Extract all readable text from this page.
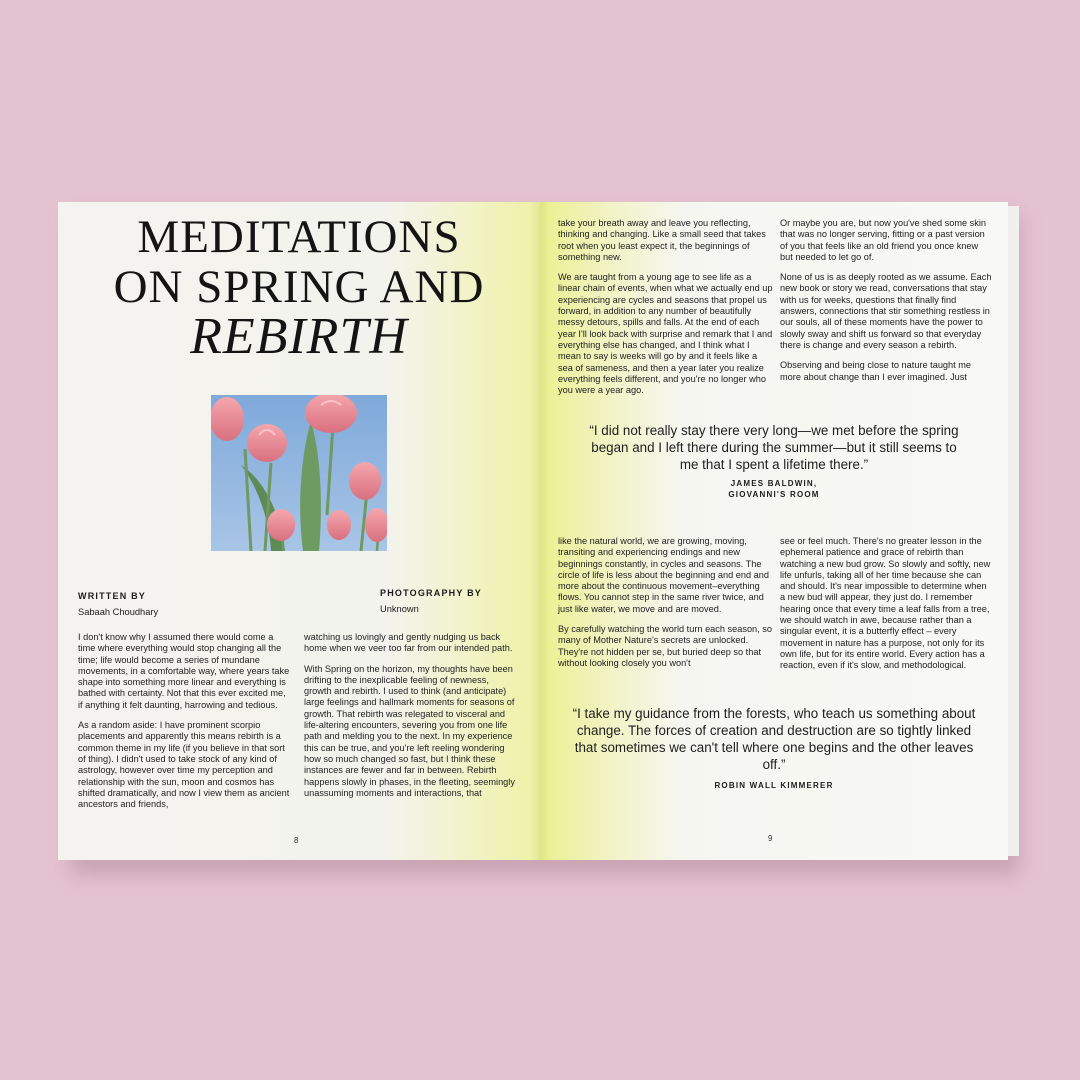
MEDITATIONS
ON SPRING AND
REBIRTH
WRITTEN BY
Sabaah Choudhary
PHOTOGRAPHY BY
Unknown

I don't know why I assumed there would come a time where everything would stop changing all the time; life would become a series of mundane movements, in a comfortable way, where years take shape into something more linear and everything is bathed with certainty. Not that this ever excited me, if anything it felt daunting, harrowing and tedious.

As a random aside: I have prominent scorpio placements and apparently this means rebirth is a common theme in my life (if you believe in that sort of thing). I didn't used to take stock of any kind of astrology, however over time my perception and relationship with the sun, moon and cosmos has shifted dramatically, and now I view them as ancient ancestors and friends,

watching us lovingly and gently nudging us back home when we veer too far from our intended path.

With Spring on the horizon, my thoughts have been drifting to the inexplicable feeling of newness, growth and rebirth. I used to think (and anticipate) large feelings and hallmark moments for seasons of growth. That rebirth was relegated to visceral and life-altering encounters, severing you from one life path and melding you to the next. In my experience this can be true, and you're left reeling wondering how so much changed so fast, but I think these instances are fewer and far in between. Rebirth happens slowly in phases, in the fleeting, seemingly unassuming moments and interactions, that

8

take your breath away and leave you reflecting, thinking and changing. Like a small seed that takes root when you least expect it, the beginnings of something new.

We are taught from a young age to see life as a linear chain of events, when what we actually end up experiencing are cycles and seasons that propel us forward, in addition to any number of beautifully messy detours, spills and falls. At the end of each year I'll look back with surprise and remark that I and everything else has changed, and I think what I mean to say is weeks will go by and it feels like a sea of sameness, and then a year later you realize everything feels different, and you're no longer who you were a year ago.

Or maybe you are, but now you've shed some skin that was no longer serving, fitting or a past version of you that feels like an old friend you once knew but needed to let go of.

None of us is as deeply rooted as we assume. Each new book or story we read, conversations that stay with us for weeks, questions that finally find answers, connections that stir something restless in our souls, all of these moments have the power to slowly sway and shift us forward so that everyday there is change and every season a rebirth.

Observing and being close to nature taught me more about change than I ever imagined. Just

“I did not really stay there very long—we met before the spring began and I left there during the summer—but it still seems to me that I spent a lifetime there.”
JAMES BALDWIN,
GIOVANNI'S ROOM

like the natural world, we are growing, moving, transiting and experiencing endings and new beginnings constantly, in cycles and seasons. The circle of life is less about the beginning and end and more about the continuous movement–everything flows. You cannot step in the same river twice, and just like water, we move and are moved.

By carefully watching the world turn each season, so many of Mother Nature's secrets are unlocked. They're not hidden per se, but buried deep so that without looking closely you won't

see or feel much. There's no greater lesson in the ephemeral patience and grace of rebirth than watching a new bud grow. So slowly and softly, new life unfurls, taking all of her time because she can and should. It's near impossible to determine when a new bud will appear, they just do. I remember hearing once that every time a leaf falls from a tree, we should watch in awe, because rather than a singular event, it is a butterfly effect – every movement in nature has a purpose, not only for its own life, but for its entire world. Every action has a reaction, even if it's slow, and methodological.

“I take my guidance from the forests, who teach us something about change. The forces of creation and destruction are so tightly linked that sometimes we can't tell where one begins and the other leaves off.”
ROBIN WALL KIMMERER
9
